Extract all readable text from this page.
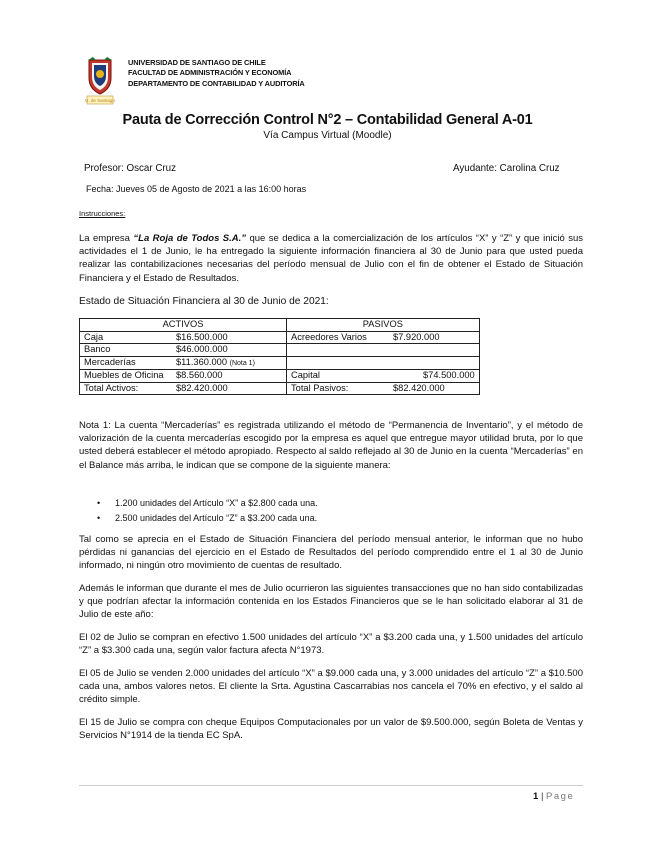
U. de Santiago
UNIVERSIDAD DE SANTIAGO DE CHILE
FACULTAD DE ADMINISTRACIÓN Y ECONOMÍA
DEPARTAMENTO DE CONTABILIDAD Y AUDITORÍA
Pauta de Corrección Control N°2 – Contabilidad General A-01
Vía Campus Virtual (Moodle)
Profesor: Oscar Cruz	Ayudante: Carolina Cruz
Fecha: Jueves 05 de Agosto de 2021 a las 16:00 horas
Instrucciones:
La empresa “La Roja de Todos S.A.” que se dedica a la comercialización de los artículos “X” y “Z” y que inició sus actividades el 1 de Junio, le ha entregado la siguiente información financiera al 30 de Junio para que usted pueda realizar las contabilizaciones necesarias del período mensual de Julio con el fin de obtener el Estado de Situación Financiera y el Estado de Resultados.
Estado de Situación Financiera al 30 de Junio de 2021:
ACTIVOS		PASIVOS	
Caja	$16.500.000	Acreedores Varios	$7.920.000
Banco	$46.000.000		
Mercaderías	$11.360.000 (Nota 1)		
Muebles de Oficina	$8.560.000	Capital	$74.500.000
Total Activos:	$82.420.000	Total Pasivos:	$82.420.000
Nota 1: La cuenta “Mercaderías” es registrada utilizando el método de “Permanencia de Inventario”, y el método de valorización de la cuenta mercaderías escogido por la empresa es aquel que entregue mayor utilidad bruta, por lo que usted deberá establecer el método apropiado. Respecto al saldo reflejado al 30 de Junio en la cuenta “Mercaderías” en el Balance más arriba, le indican que se compone de la siguiente manera:
• 1.200 unidades del Artículo “X” a $2.800 cada una.
• 2.500 unidades del Artículo “Z” a $3.200 cada una.
Tal como se aprecia en el Estado de Situación Financiera del período mensual anterior, le informan que no hubo pérdidas ni ganancias del ejercicio en el Estado de Resultados del período comprendido entre el 1 al 30 de Junio informado, ni ningún otro movimiento de cuentas de resultado.
Además le informan que durante el mes de Julio ocurrieron las siguientes transacciones que no han sido contabilizadas y que podrían afectar la información contenida en los Estados Financieros que se le han solicitado elaborar al 31 de Julio de este año:
El 02 de Julio se compran en efectivo 1.500 unidades del artículo “X” a $3.200 cada una, y 1.500 unidades del artículo “Z” a $3.300 cada una, según valor factura afecta N°1973.
El 05 de Julio se venden 2.000 unidades del artículo “X” a $9.000 cada una, y 3.000 unidades del artículo “Z” a $10.500 cada una, ambos valores netos. El cliente la Srta. Agustina Cascarrabias nos cancela el 70% en efectivo, y el saldo al crédito simple.
El 15 de Julio se compra con cheque Equipos Computacionales por un valor de $9.500.000, según Boleta de Ventas y Servicios N°1914 de la tienda EC SpA.
1 | Page
